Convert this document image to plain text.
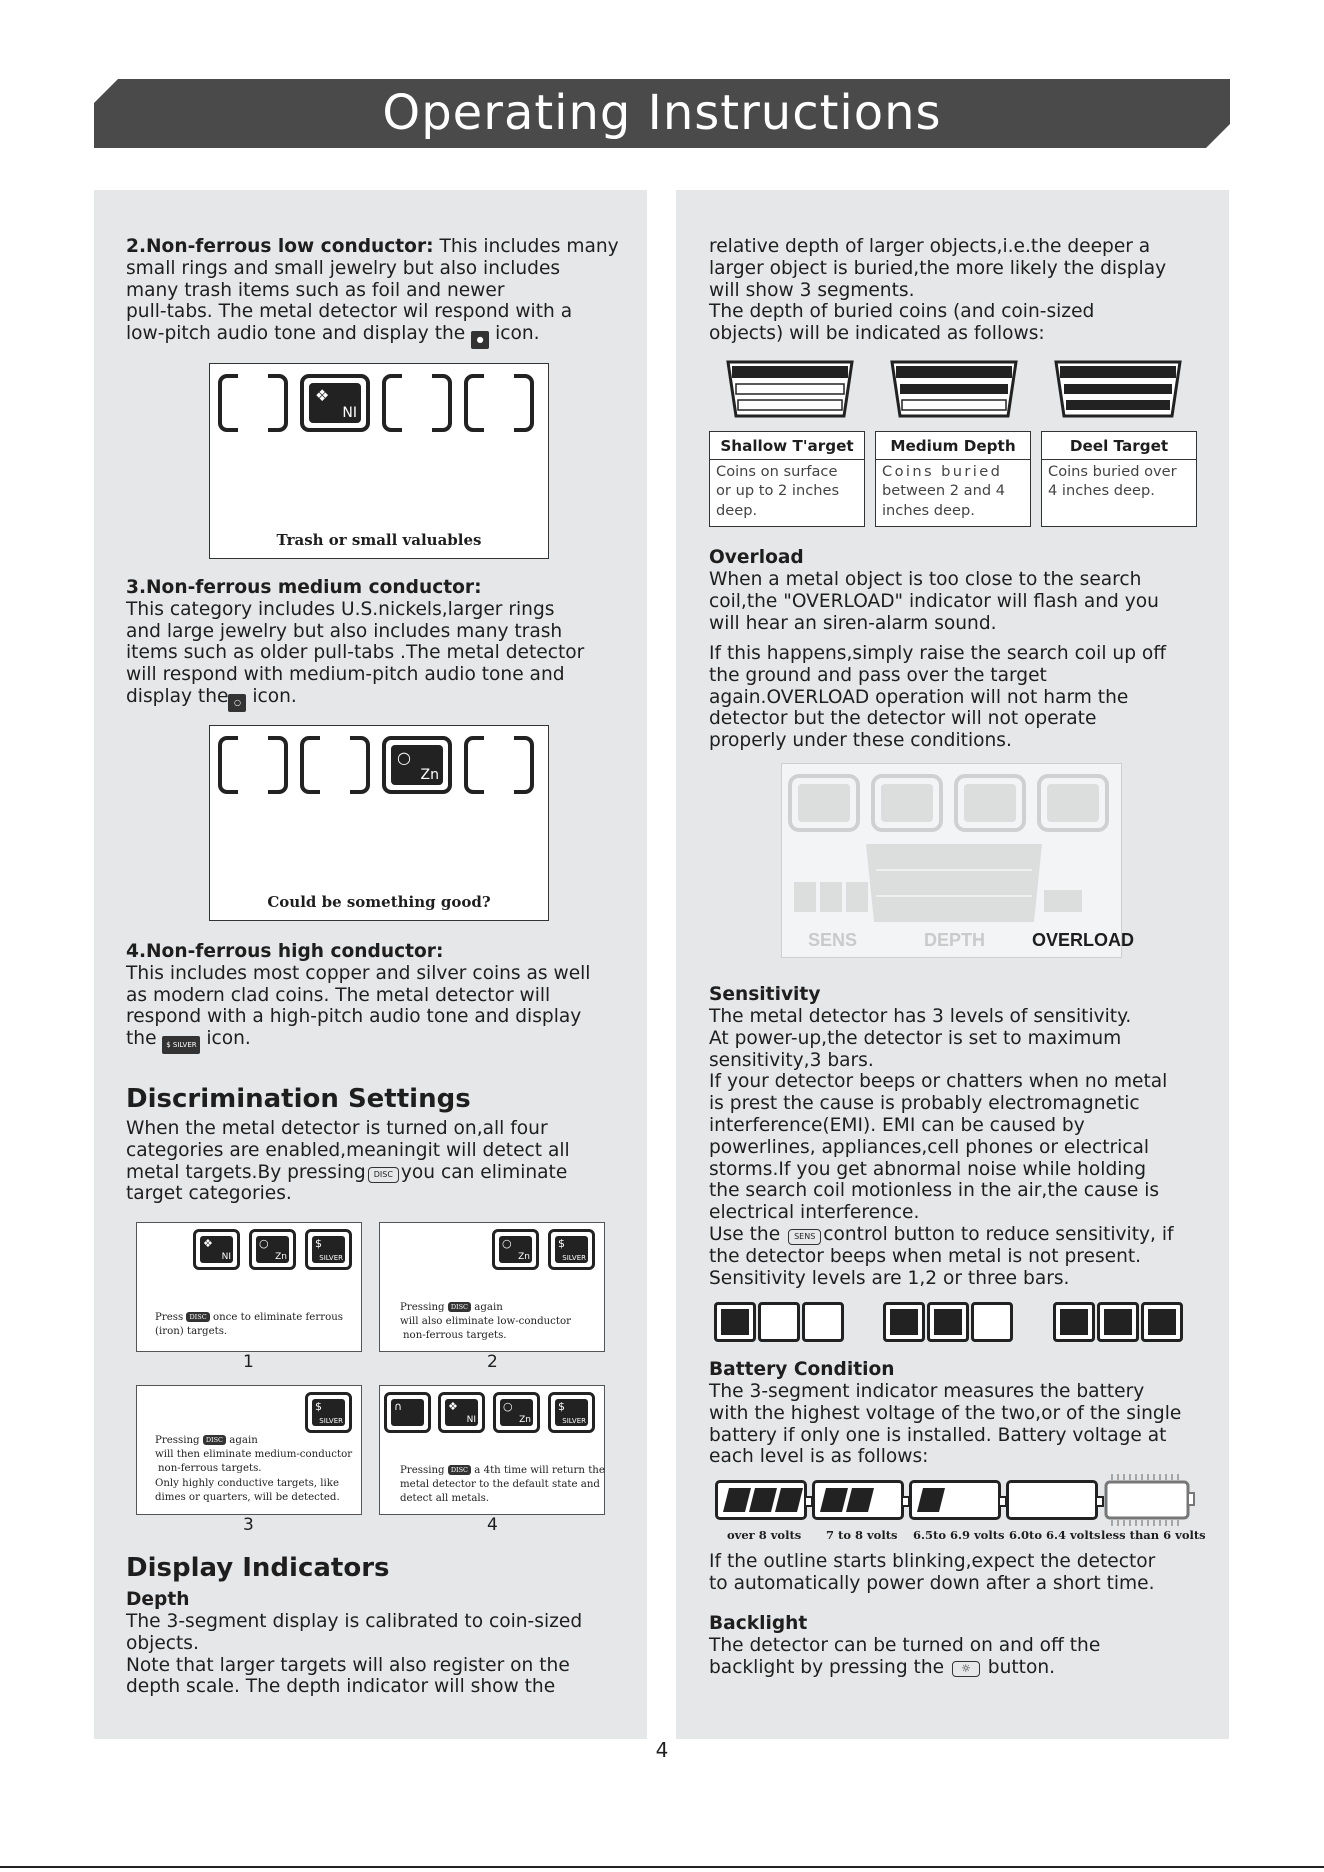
Operating Instructions
2.Non-ferrous low conductor: This includes many
small rings and small jewelry but also includes
many trash items such as foil and newer
pull-tabs. The metal detector wil respond with a
low-pitch audio tone and display the ● icon.
❖
NI
Trash or small valuables
3.Non-ferrous medium conductor:
This category includes U.S.nickels,larger rings
and large jewelry but also includes many trash
items such as older pull-tabs .The metal detector
will respond with medium-pitch audio tone and
display the ○ icon.
○
Zn
Could be something good?
4.Non-ferrous high conductor:
This includes most copper and silver coins as well
as modern clad coins. The metal detector will
respond with a high-pitch audio tone and display
the $ SILVER icon.
Discrimination Settings
When the metal detector is turned on,all four
categories are enabled,meaningit will detect all
metal targets.By pressing DISC you can eliminate
target categories.
❖
NI
○
Zn
$
SILVER
Press DISC once to eliminate ferrous
(iron) targets.
1
○
Zn
$
SILVER
Pressing DISC again
will also eliminate low-conductor
non-ferrous targets.
2
$
SILVER
Pressing DISC again
will then eliminate medium-conductor
non-ferrous targets.
Only highly conductive targets, like
dimes or quarters, will be detected.
3
∩	❖
NI
○
Zn
$
SILVER
Pressing DISC a 4th time will return the
metal detector to the default state and
detect all metals.
4
Display Indicators
Depth
The 3-segment display is calibrated to coin-sized
objects.
Note that larger targets will also register on the
depth scale. The depth indicator will show the
relative depth of larger objects,i.e.the deeper a
larger object is buried,the more likely the display
will show 3 segments.
The depth of buried coins (and coin-sized
objects) will be indicated as follows:
Shallow T'arget
Coins on surface
or up to 2 inches
deep.
Medium Depth
Coins buried
between 2 and 4
inches deep.
Deel Target
Coins buried over
4 inches deep.
Overload
When a metal object is too close to the search
coil,the "OVERLOAD" indicator will flash and you
will hear an siren-alarm sound.
If this happens,simply raise the search coil up off
the ground and pass over the target
again.OVERLOAD operation will not harm the
detector but the detector will not operate
properly under these conditions.
SENS	DEPTH	OVERLOAD
Sensitivity
The metal detector has 3 levels of sensitivity.
At power-up,the detector is set to maximum
sensitivity,3 bars.
If your detector beeps or chatters when no metal
is prest the cause is probably electromagnetic
interference(EMI). EMI can be caused by
powerlines, appliances,cell phones or electrical
storms.If you get abnormal noise while holding
the search coil motionless in the air,the cause is
electrical interference.
Use the SENS control button to reduce sensitivity, if
the detector beeps when metal is not present.
Sensitivity levels are 1,2 or three bars.
Battery Condition
The 3-segment indicator measures the battery
with the highest voltage of the two,or of the single
battery if only one is installed. Battery voltage at
each level is as follows:
over 8 volts 7 to 8 volts 6.5to 6.9 volts 6.0to 6.4 volts less than 6 volts
If the outline starts blinking,expect the detector
to automatically power down after a short time.
Backlight
The detector can be turned on and off the
backlight by pressing the ☼ button.
4
